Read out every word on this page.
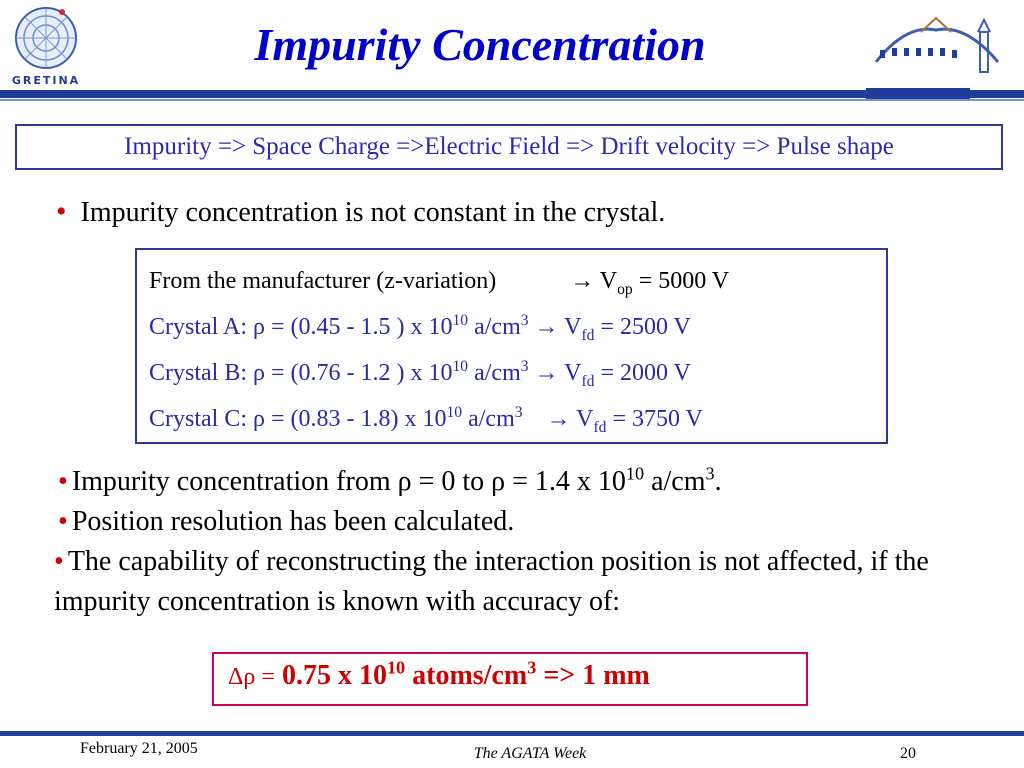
GRETINA
Impurity Concentration
Impurity => Space Charge =>Electric Field => Drift velocity => Pulse shape
• Impurity concentration is not constant in the crystal.
From the manufacturer (z-variation)	→ $V_{op} = 5000$ V
Crystal A: ρ = (0.45 - 1.5 ) x $10^{10}$ $a/cm^3 \to V_{fd} = 2500$ V
Crystal B: ρ = (0.76 - 1.2 ) x $10^{10}$ $a/cm^3 \to V_{fd} = 2000$ V
Crystal C: ρ = (0.83 - 1.8) x $10^{10}$ $a/cm^3 \to V_{fd} = 3750$ V
• Impurity concentration from ρ = 0 to ρ = 1.4 x $10^{10}$ $a/cm^3$.
• Position resolution has been calculated.
• The capability of reconstructing the interaction position is not affected, if the impurity concentration is known with accuracy of:
Δρ = 0.75 x $10^{10}$ atoms/$cm^3 => 1$ mm
February 21, 2005	The AGATA Week	20
